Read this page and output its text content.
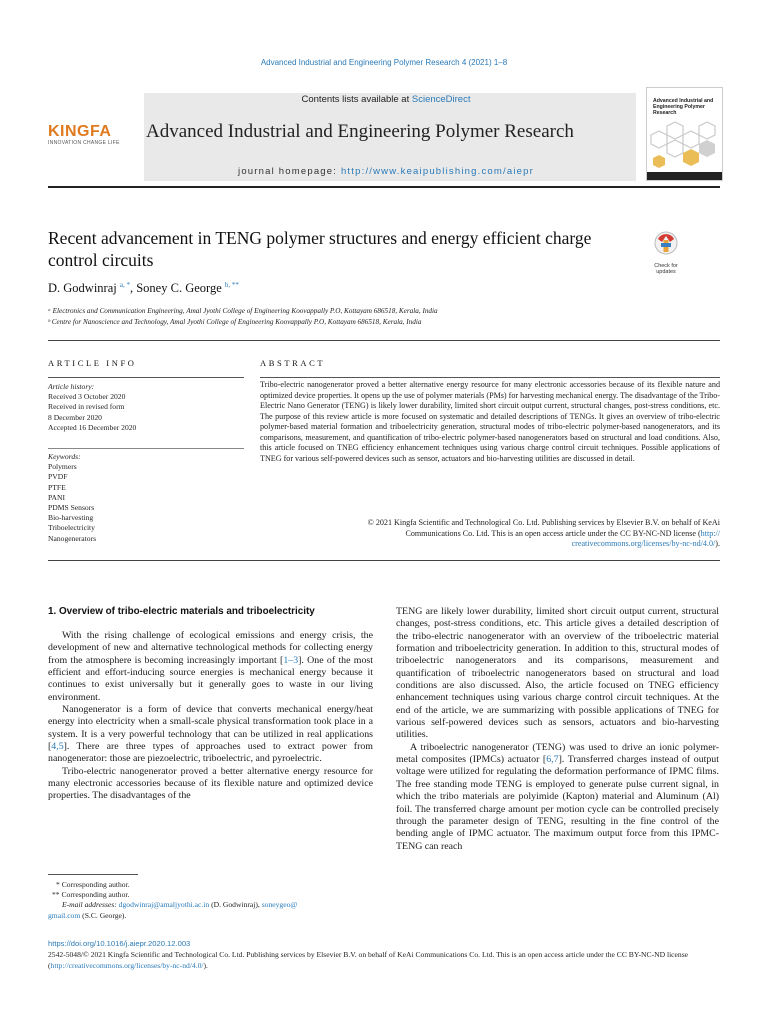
Advanced Industrial and Engineering Polymer Research 4 (2021) 1–8
Contents lists available at ScienceDirect
Advanced Industrial and Engineering Polymer Research
journal homepage: http://www.keaipublishing.com/aiepr
KINGFA
INNOVATION CHANGE LIFE
Advanced Industrial and Engineering Polymer Research
Recent advancement in TENG polymer structures and energy efficient charge control circuits	Check for
updates
D. Godwinraj $^{a, *}$, Soney C. George $^{b, **}$
ᵃ Electronics and Communication Engineering, Amal Jyothi College of Engineering Koovappally P.O, Kottayam 686518, Kerala, India
ᵇ Centre for Nanoscience and Technology, Amal Jyothi College of Engineering Koovappally P.O, Kottayam 686518, Kerala, India
ARTICLE INFO	ABSTRACT
Article history:
Received 3 October 2020
Received in revised form
8 December 2020
Accepted 16 December 2020
Keywords:
Polymers
PVDF
PTFE
PANI
PDMS Sensors
Bio-harvesting
Triboelectricity
Nanogenerators
Tribo-electric nanogenerator proved a better alternative energy resource for many electronic accessories because of its flexible nature and optimized device properties. It opens up the use of polymer materials (PMs) for harvesting mechanical energy. The disadvantage of the Tribo-Electric Nano Generator (TENG) is likely lower durability, limited short circuit output current, structural changes, post-stress conditions, etc. The purpose of this review article is more focused on systematic and detailed descriptions of TENGs. It gives an overview of tribo-electric polymer-based material formation and triboelectricity generation, structural modes of tribo-electric polymer-based nanogenerators, and its comparisons, measurement, and quantification of tribo-electric polymer-based nanogenerators based on structural and load conditions. Also, this article focused on TNEG efficiency enhancement techniques using various charge control circuit techniques. Possible applications of TNEG for various self-powered devices such as sensor, actuators and bio-harvesting utilities are discussed in detail.
© 2021 Kingfa Scientific and Technological Co. Ltd. Publishing services by Elsevier B.V. on behalf of KeAi
Communications Co. Ltd. This is an open access article under the CC BY-NC-ND license (http://
creativecommons.org/licenses/by-nc-nd/4.0/).
1. Overview of tribo-electric materials and triboelectricity

With the rising challenge of ecological emissions and energy crisis, the development of new and alternative technological methods for collecting energy from the atmosphere is becoming increasingly important [1–3]. One of the most efficient and effort-inducing source energies is mechanical energy because it continues to exist universally but it generally goes to waste in our living environment.

Nanogenerator is a form of device that converts mechanical energy/heat energy into electricity when a small-scale physical transformation took place in a system. It is a very powerful technology that can be utilized in real applications [4,5]. There are three types of approaches used to extract power from nanogenerator: those are piezoelectric, triboelectric, and pyroelectric.

Tribo-electric nanogenerator proved a better alternative energy resource for many electronic accessories because of its flexible nature and optimized device properties. The disadvantages of the

TENG are likely lower durability, limited short circuit output current, structural changes, post-stress conditions, etc. This article gives a detailed description of the tribo-electric nanogenerator with an overview of the triboelectric material formation and triboelectricity generation. In addition to this, structural modes of triboelectric nanogenerators and its comparisons, measurement and quantification of triboelectric nanogenerators based on structural and load conditions are also discussed. Also, the article focused on TNEG efficiency enhancement techniques using various charge control circuit techniques. At the end of the article, we are summarizing with possible applications of TNEG for various self-powered devices such as sensors, actuators and bio-harvesting utilities.

A triboelectric nanogenerator (TENG) was used to drive an ionic polymer-metal composites (IPMCs) actuator [6,7]. Transferred charges instead of output voltage were utilized for regulating the deformation performance of IPMC films. The free standing mode TENG is employed to generate pulse current signal, in which the tribo materials are polyimide (Kapton) material and Aluminum (Al) foil. The transferred charge amount per motion cycle can be controlled precisely through the parameter design of TENG, resulting in the fine control of the bending angle of IPMC actuator. The maximum output force from this IPMC-TENG can reach

* Corresponding author.
** Corresponding author.
E-mail addresses: dgodwinraj@amaljyothi.ac.in (D. Godwinraj), soneygeo@
gmail.com (S.C. George).
https://doi.org/10.1016/j.aiepr.2020.12.003
2542-5048/© 2021 Kingfa Scientific and Technological Co. Ltd. Publishing services by Elsevier B.V. on behalf of KeAi Communications Co. Ltd. This is an open access article under the CC BY-NC-ND license (http://creativecommons.org/licenses/by-nc-nd/4.0/).
